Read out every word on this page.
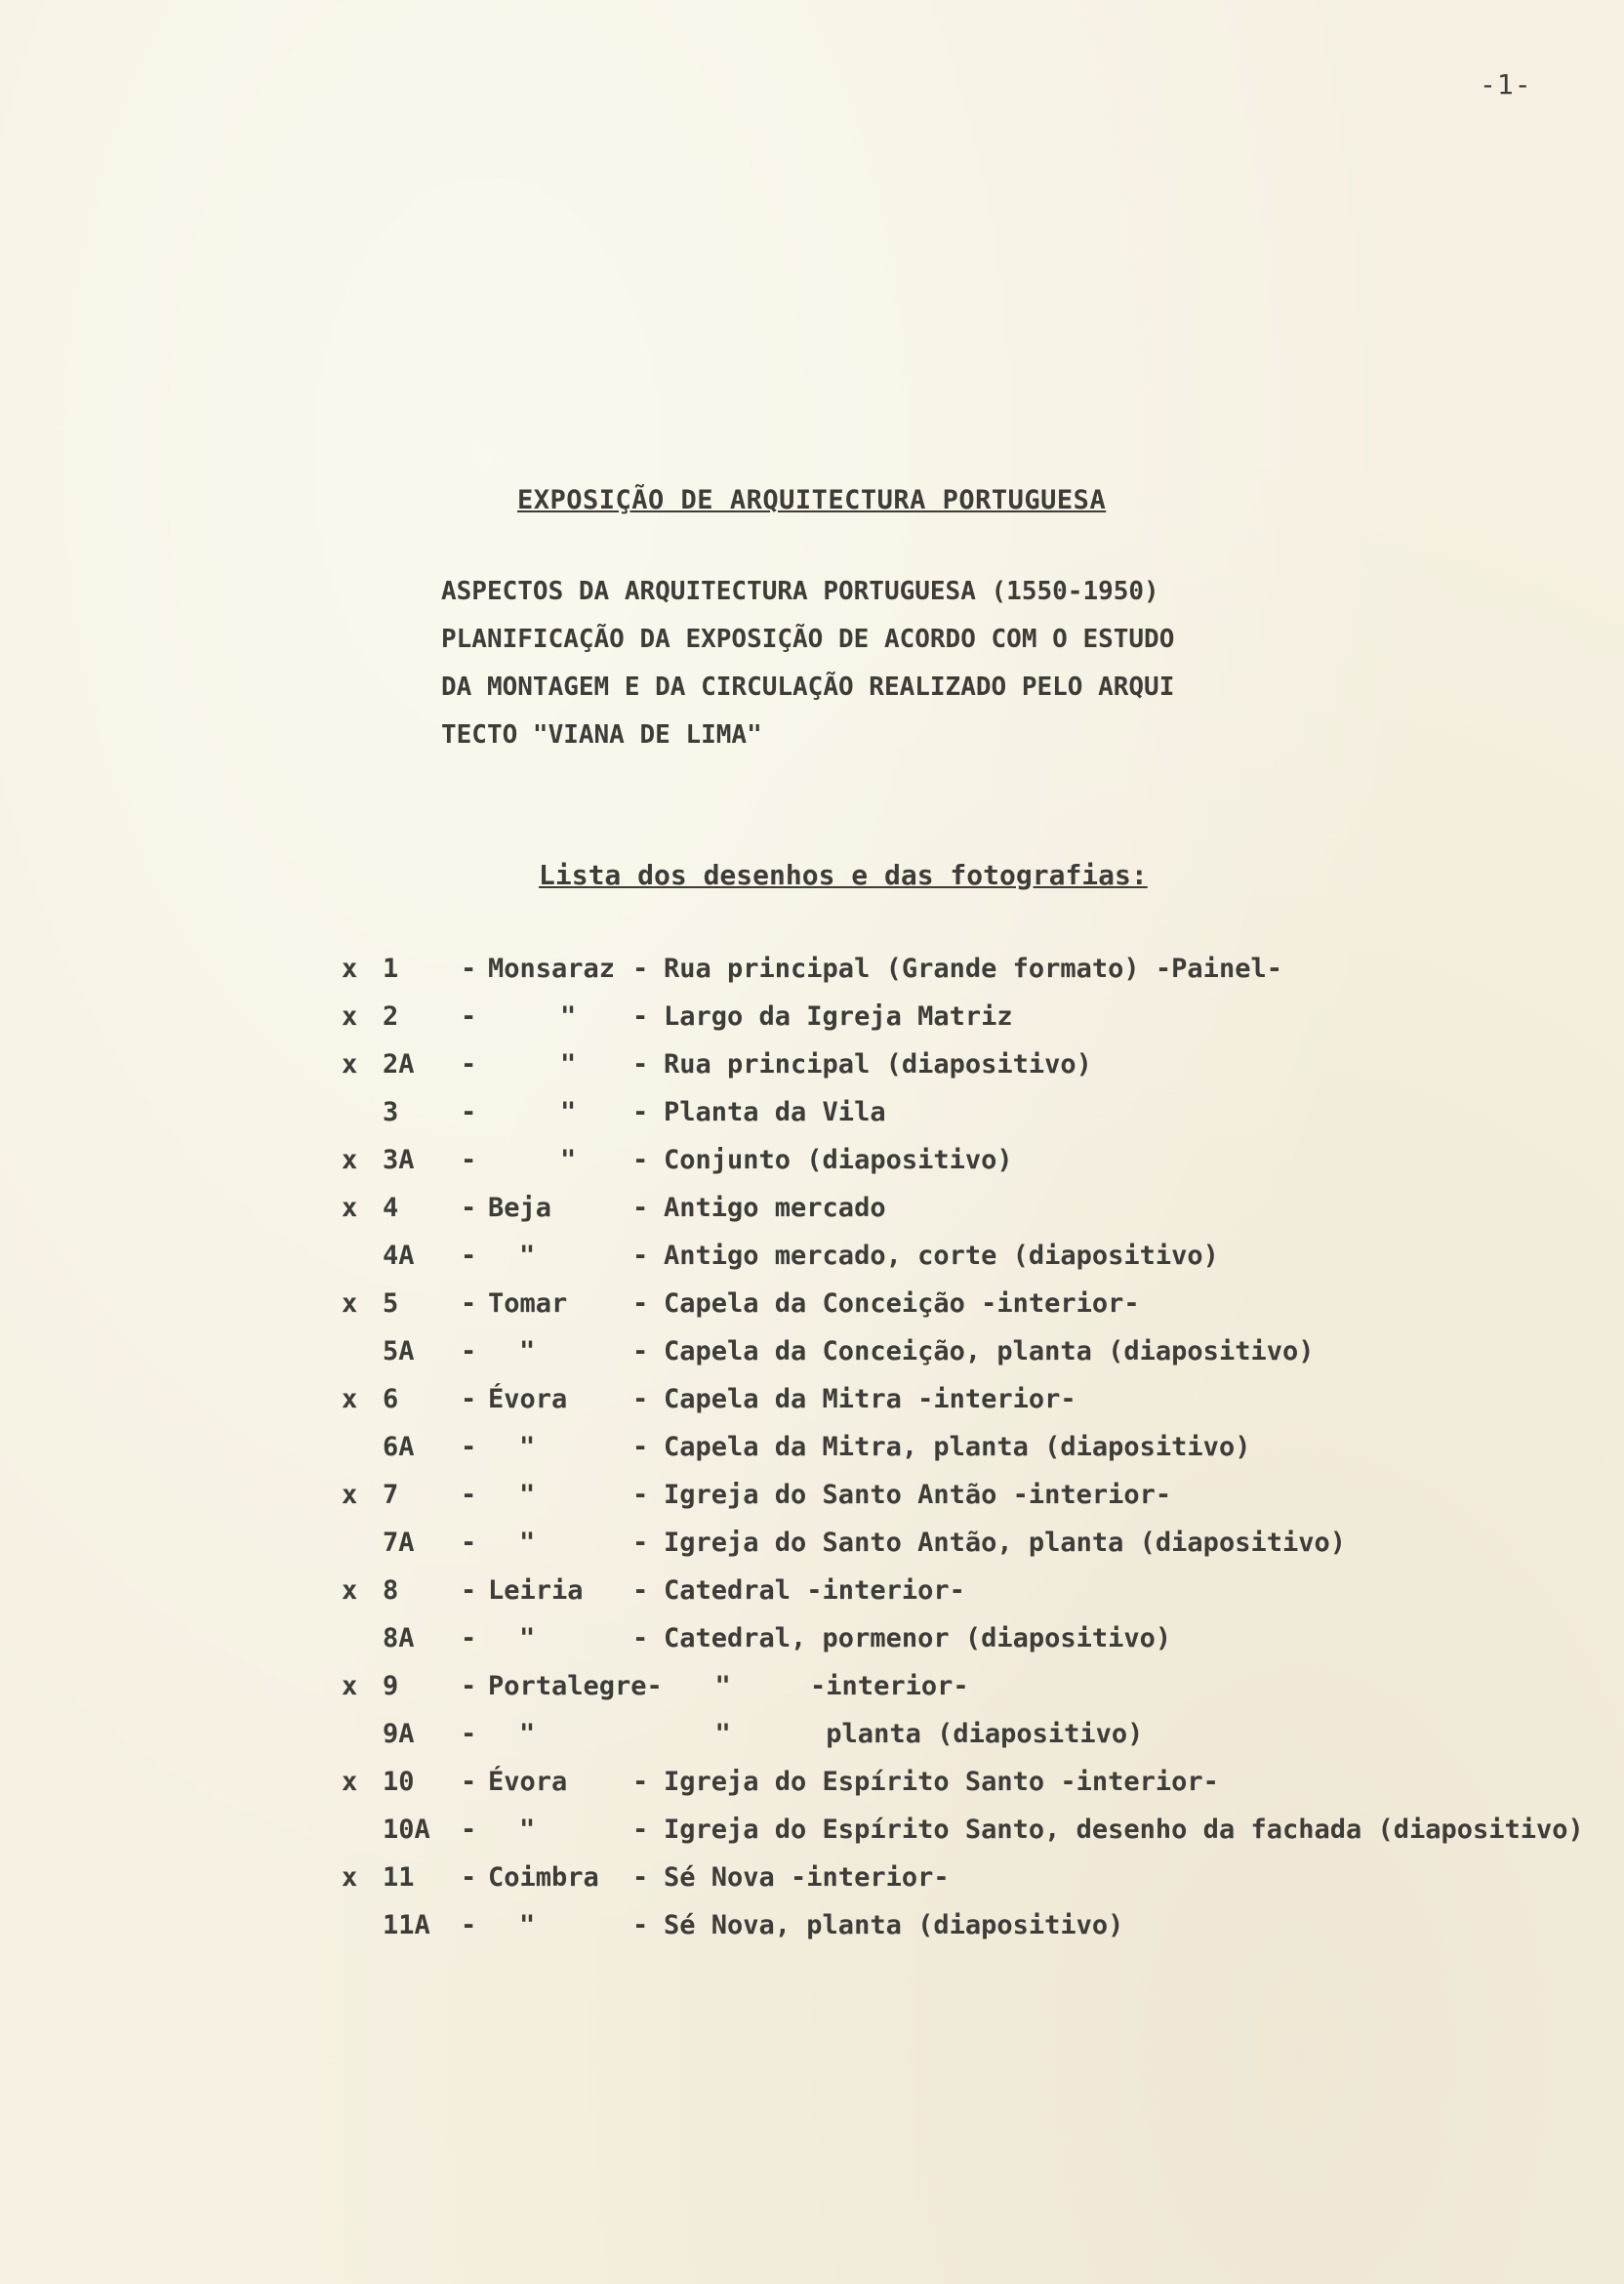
-1-
EXPOSIÇÃO DE ARQUITECTURA PORTUGUESA
ASPECTOS DA ARQUITECTURA PORTUGUESA (1550-1950)
PLANIFICAÇÃO DA EXPOSIÇÃO DE ACORDO COM O ESTUDO
DA MONTAGEM E DA CIRCULAÇÃO REALIZADO PELO ARQUI
TECTO "VIANA DE LIMA"
Lista dos desenhos e das fotografias:
x 1 - Monsaraz - Rua principal (Grande formato) -Painel-
x 2 -	" - Largo da Igreja Matriz
x 2A -	" - Rua principal (diapositivo)
3 -	" - Planta da Vila
x 3A -	" - Conjunto (diapositivo)
x 4 - Beja	- Antigo mercado
4A - "	- Antigo mercado, corte (diapositivo)
x 5 - Tomar - Capela da Conceição -interior-
5A - "	- Capela da Conceição, planta (diapositivo)
x 6 - Évora - Capela da Mitra -interior-
6A - "	- Capela da Mitra, planta (diapositivo)
x 7 - "	- Igreja do Santo Antão -interior-
7A - "	- Igreja do Santo Antão, planta (diapositivo)
x 8 - Leiria - Catedral -interior-
8A - "	- Catedral, pormenor (diapositivo)
x 9 - Portalegre- "     -interior-
9A - "	"      planta (diapositivo)
x 10 - Évora - Igreja do Espírito Santo -interior-
10A - "	- Igreja do Espírito Santo, desenho da fachada (diapositivo)
x 11 - Coimbra - Sé Nova -interior-
11A - "	- Sé Nova, planta (diapositivo)
